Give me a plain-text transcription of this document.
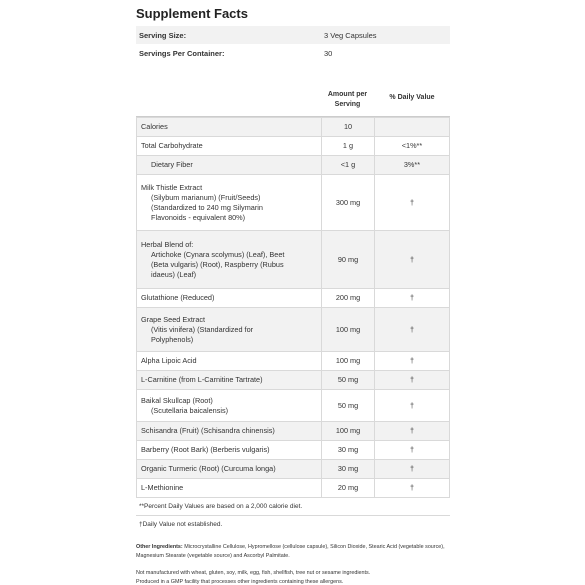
Supplement Facts
Serving Size:	3 Veg Capsules
Servings Per Container:	30
Amount per Serving
% Daily Value
Calories	10	
Total Carbohydrate	1 g	<1%**
Dietary Fiber	<1 g	3%**
Milk Thistle Extract
(Silybum marianum) (Fruit/Seeds)
(Standardized to 240 mg Silymarin
Flavonoids - equivalent 80%)	300 mg	†
Herbal Blend of:
Artichoke (Cynara scolymus) (Leaf), Beet
(Beta vulgaris) (Root), Raspberry (Rubus
idaeus) (Leaf)	90 mg	†
Glutathione (Reduced)	200 mg	†
Grape Seed Extract
(Vitis vinifera) (Standardized for
Polyphenols)	100 mg	†
Alpha Lipoic Acid	100 mg	†
L-Carnitine (from L-Carnitine Tartrate)	50 mg	†
Baikal Skullcap (Root)
(Scutellaria baicalensis)	50 mg	†
Schisandra (Fruit) (Schisandra chinensis)	100 mg	†
Barberry (Root Bark) (Berberis vulgaris)	30 mg	†
Organic Turmeric (Root) (Curcuma longa)	30 mg	†
L-Methionine	20 mg	†
**Percent Daily Values are based on a 2,000 calorie diet.
†Daily Value not established.
Other Ingredients: Microcrystalline Cellulose, Hypromellose (cellulose capsule), Silicon Dioxide, Stearic Acid (vegetable source), Magnesium Stearate (vegetable source) and Ascorbyl Palmitate.
Not manufactured with wheat, gluten, soy, milk, egg, fish, shellfish, tree nut or sesame ingredients.
Produced in a GMP facility that processes other ingredients containing these allergens.
